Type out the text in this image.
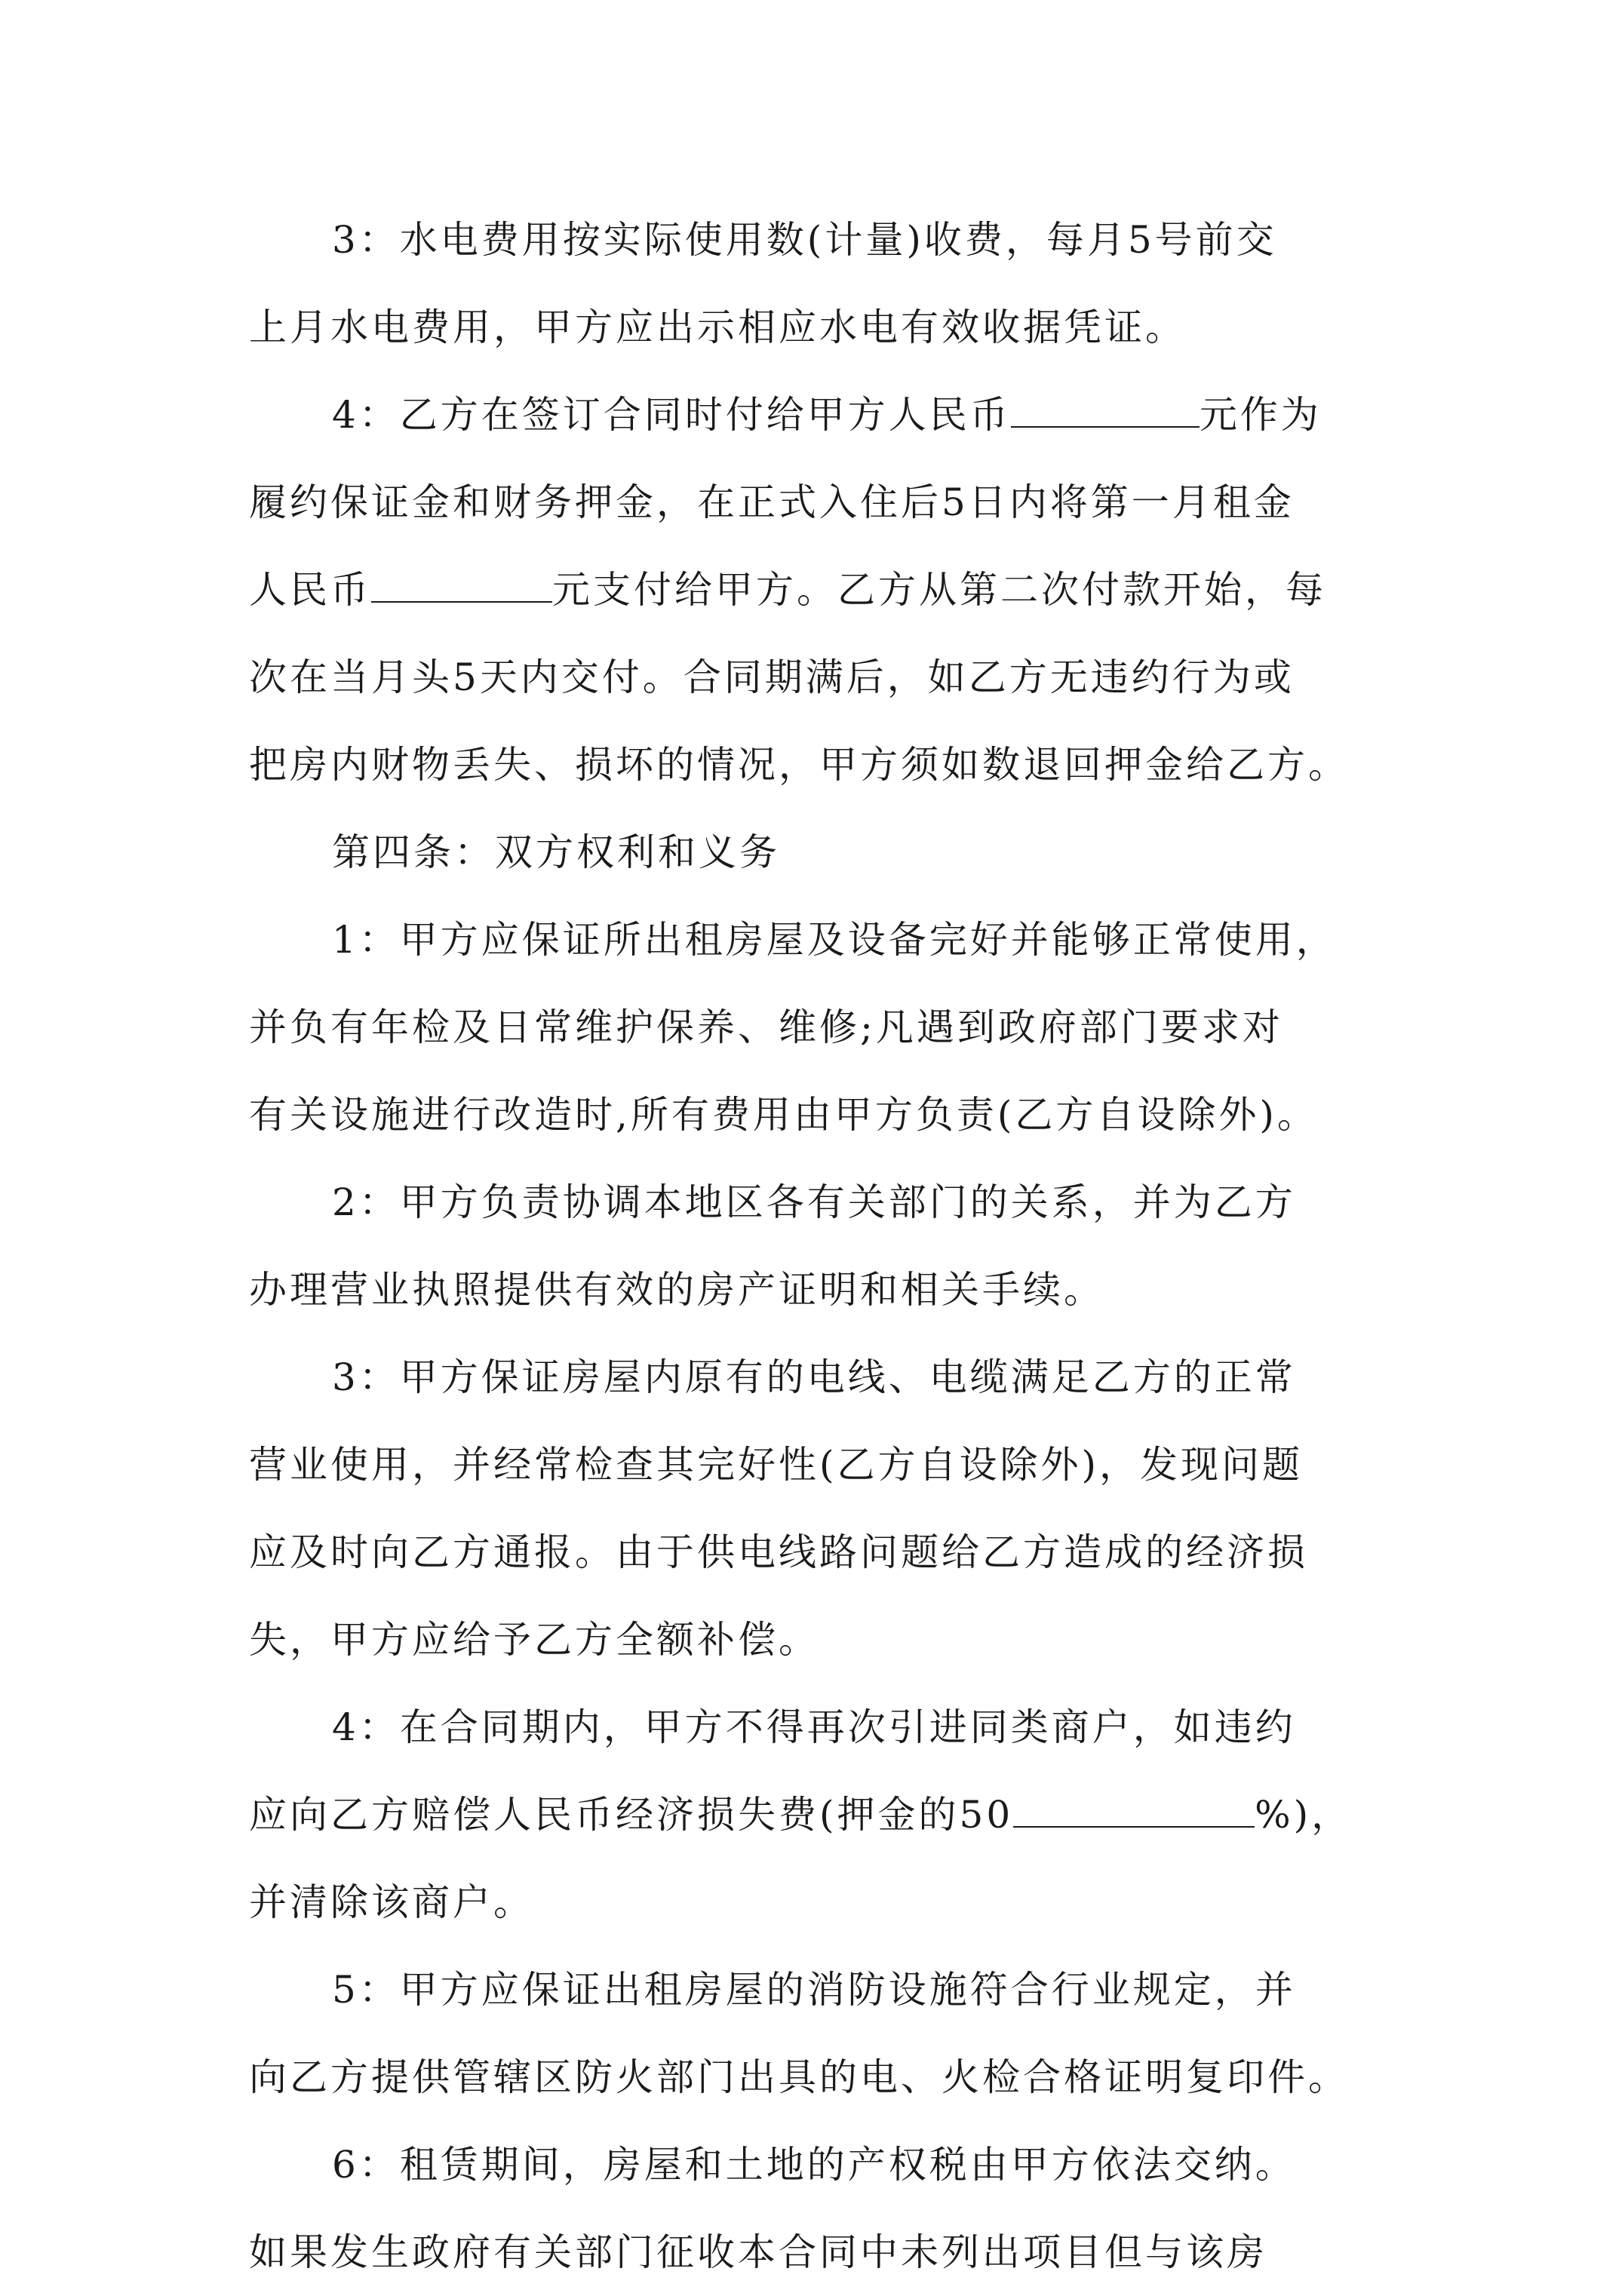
3：水电费用按实际使用数(计量)收费，每月5号前交

上月水电费用，甲方应出示相应水电有效收据凭证。

4：乙方在签订合同时付给甲方人民币	元作为

履约保证金和财务押金，在正式入住后5日内将第一月租金

人民币	元支付给甲方。乙方从第二次付款开始，每

次在当月头5天内交付。合同期满后，如乙方无违约行为或

把房内财物丢失、损坏的情况，甲方须如数退回押金给乙方。

第四条：双方权利和义务

1：甲方应保证所出租房屋及设备完好并能够正常使用，

并负有年检及日常维护保养、维修;凡遇到政府部门要求对

有关设施进行改造时,所有费用由甲方负责(乙方自设除外)。

2：甲方负责协调本地区各有关部门的关系，并为乙方

办理营业执照提供有效的房产证明和相关手续。

3：甲方保证房屋内原有的电线、电缆满足乙方的正常

营业使用，并经常检查其完好性(乙方自设除外)，发现问题

应及时向乙方通报。由于供电线路问题给乙方造成的经济损

失，甲方应给予乙方全额补偿。

4：在合同期内，甲方不得再次引进同类商户，如违约

应向乙方赔偿人民币经济损失费(押金的50	%)，

并清除该商户。

5：甲方应保证出租房屋的消防设施符合行业规定，并

向乙方提供管辖区防火部门出具的电、火检合格证明复印件。

6：租赁期间，房屋和土地的产权税由甲方依法交纳。

如果发生政府有关部门征收本合同中未列出项目但与该房
